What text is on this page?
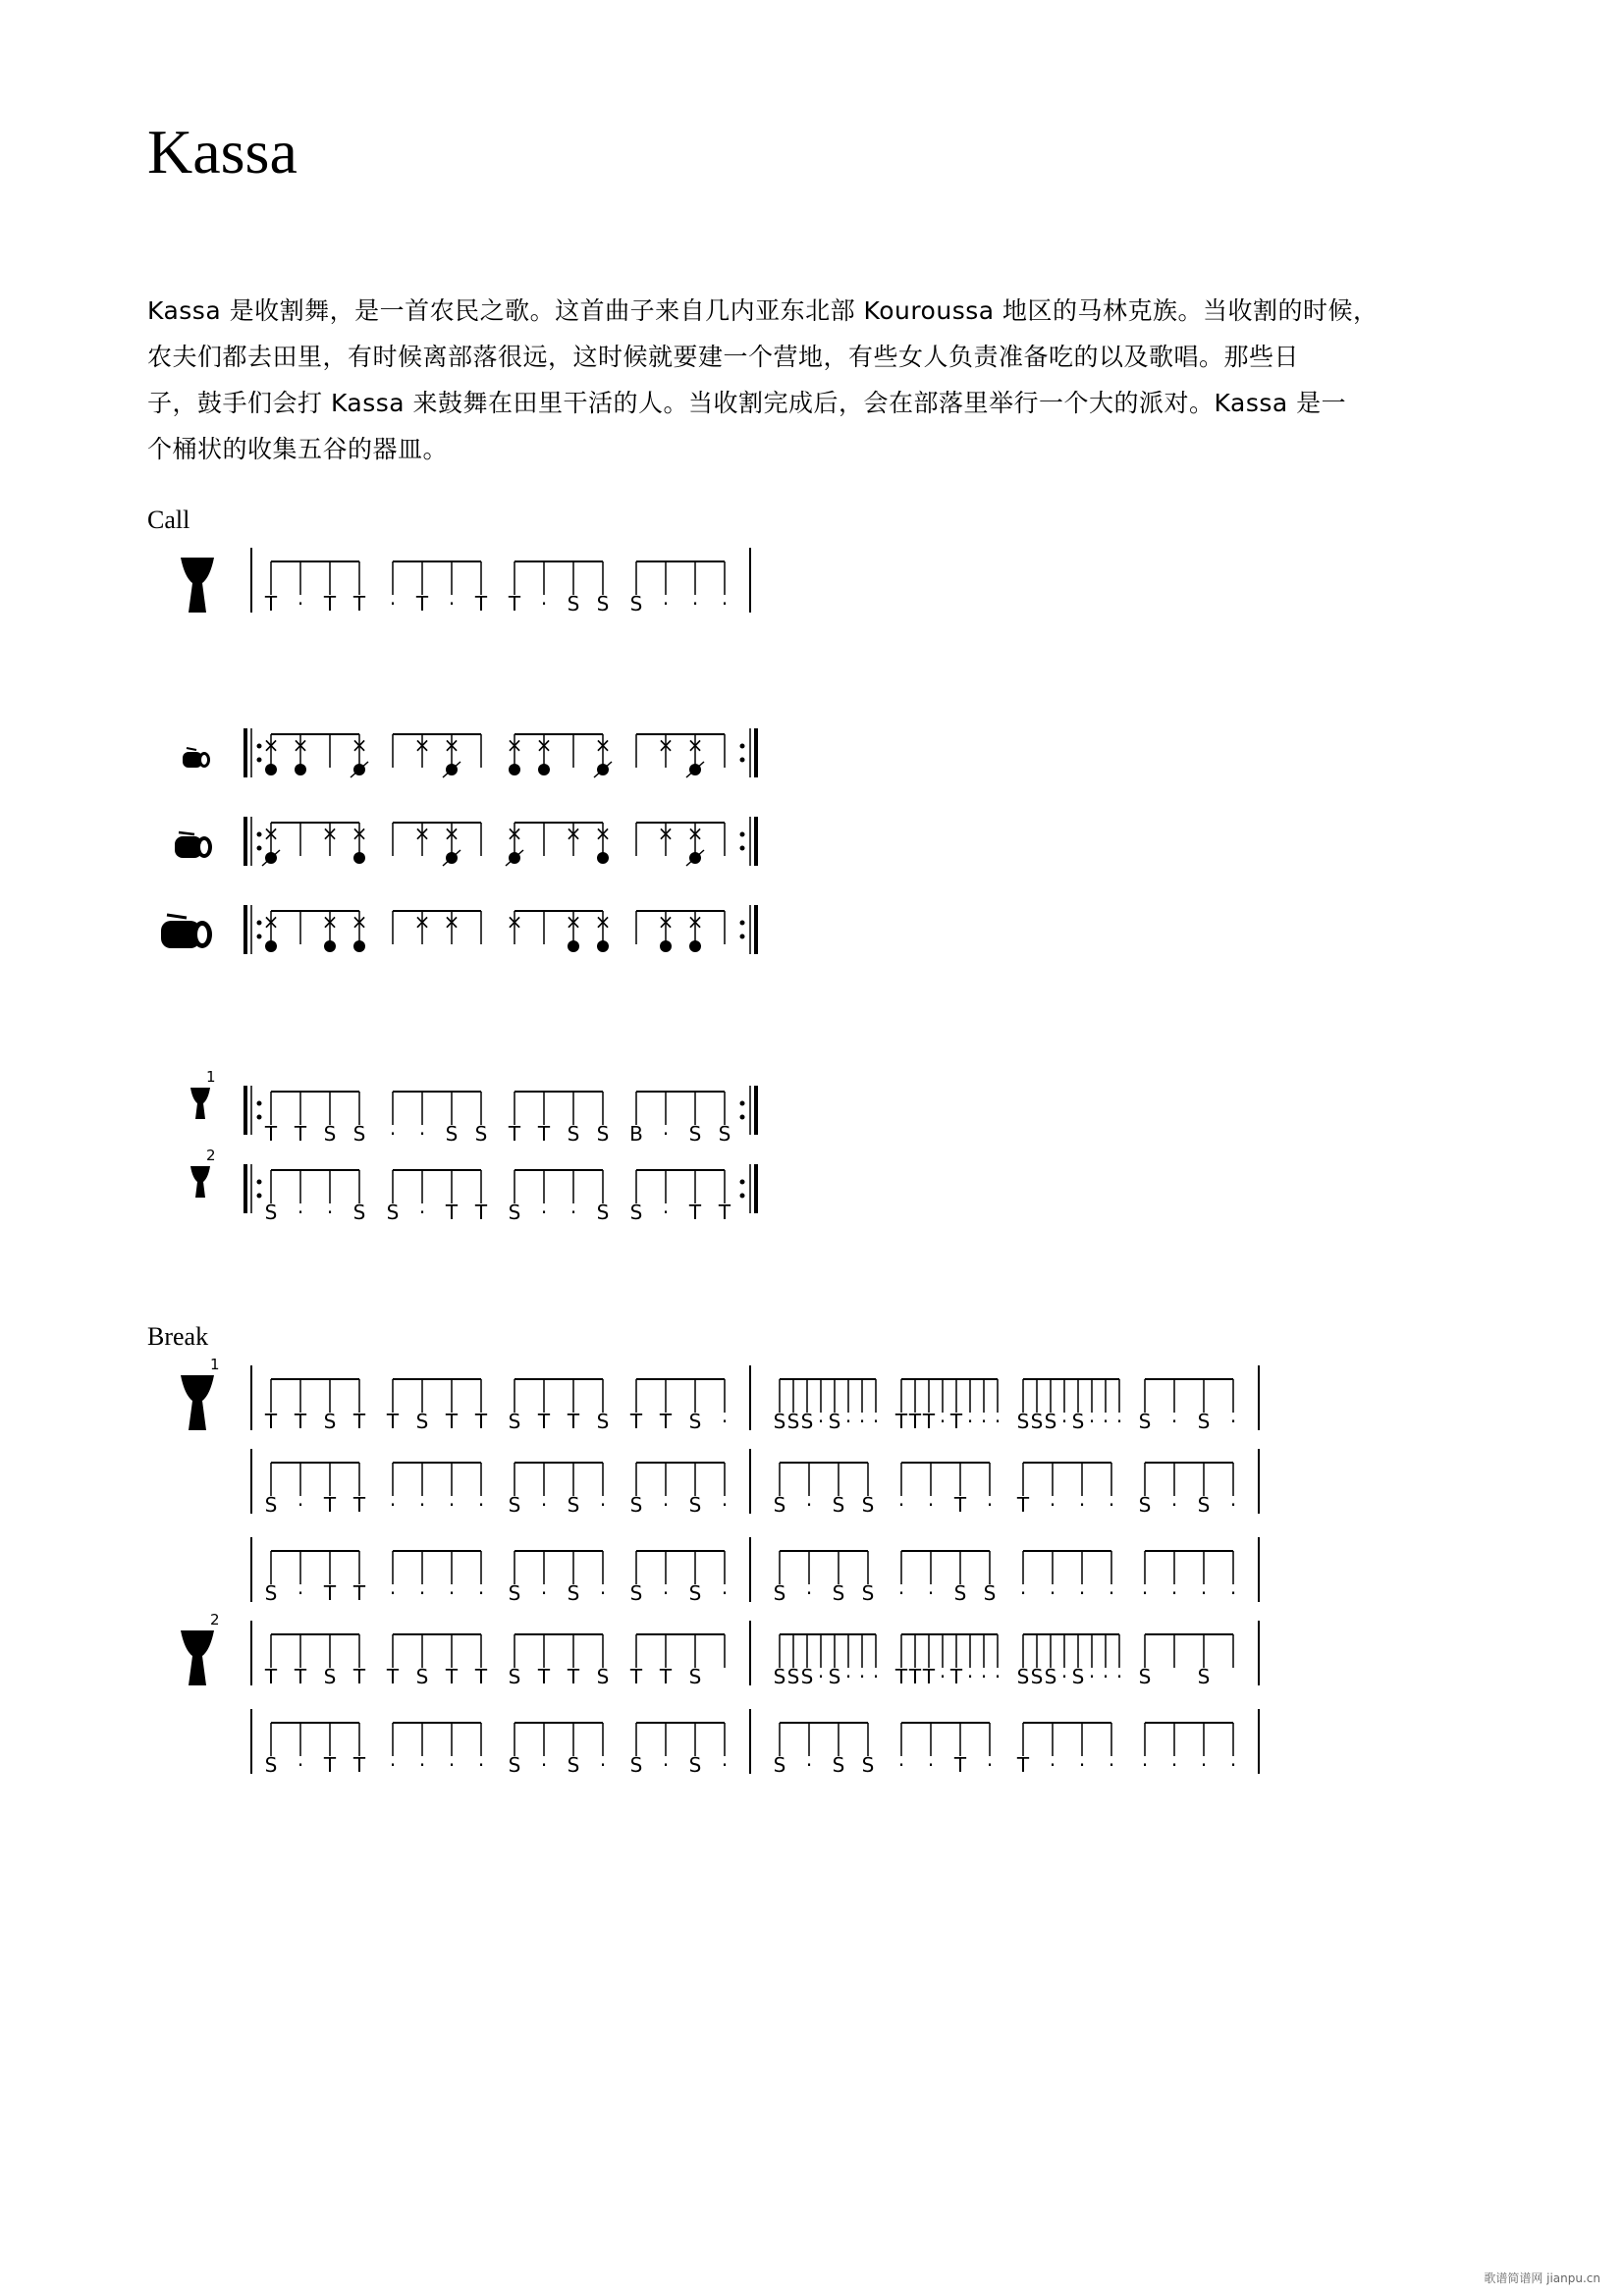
Kassa
Kassa 是收割舞，是一首农民之歌。这首曲子来自几内亚东北部 Kouroussa 地区的马林克族。当收割的时候，
农夫们都去田里，有时候离部落很远，这时候就要建一个营地，有些女人负责准备吃的以及歌唱。那些日
子，鼓手们会打 Kassa 来鼓舞在田里干活的人。当收割完成后，会在部落里举行一个大的派对。Kassa 是一
个桶状的收集五谷的器皿。
Call
Break
歌谱简谱网 jianpu.cn
T · T T · T · T T · S S S · · ·
× × × × × × × × × ×
× × × × × × × × × ×
× × × × × × × × × ×
T T S S · · S S T T S S B · S S
1
S · · S S · T T S · · S S · T T
2
T T S T T S T T S T T S T T S · S S S · S · · · T T T · T · · · S S S · S · · · S · S ·
1
S · T T · · · · S · S · S · S · S · S S · · T · T · · · S · S ·
S · T T · · · · S · S · S · S · S · S S · · S S · · · · · · · ·
T T S T T S T T S T T S T T S	S S S · S · · · T T T · T · · · S S S · S · · · S S
2
S · T T · · · · S · S · S · S · S · S S · · T · T · · · · · · ·
